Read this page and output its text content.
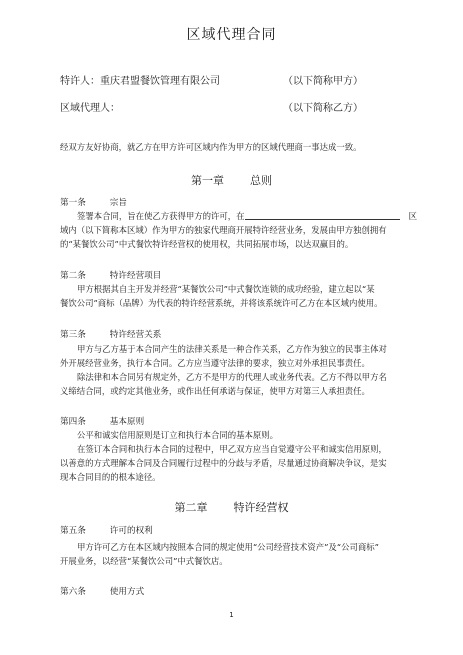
区域代理合同
特许人：重庆君盟餐饮管理有限公司	（以下简称甲方）
区域代理人：	（以下简称乙方）
经双方友好协商，就乙方在甲方许可区域内作为甲方的区域代理商一事达成一致。
第一章 总则
第一条	宗旨
签署本合同，旨在使乙方获得甲方的许可，在	区
域内（以下简称本区域）作为甲方的独家代理商开展特许经营业务，发展由甲方独创拥有
的“某餐饮公司”中式餐饮特许经营权的使用权，共同拓展市场，以达双赢目的。
第二条	特许经营项目
甲方根据其自主开发并经营“某餐饮公司”中式餐饮连锁的成功经验，建立起以“某
餐饮公司”商标（品牌）为代表的特许经营系统，并将该系统许可乙方在本区域内使用。
第三条	特许经营关系
甲方与乙方基于本合同产生的法律关系是一种合作关系，乙方作为独立的民事主体对
外开展经营业务，执行本合同。乙方应当遵守法律的要求，独立对外承担民事责任。
除法律和本合同另有规定外，乙方不是甲方的代理人或业务代表。乙方不得以甲方名
义缔结合同，或约定其他业务，或作出任何承诺与保证，使甲方对第三人承担责任。
第四条	基本原则
公平和诚实信用原则是订立和执行本合同的基本原则。
在签订本合同和执行本合同的过程中，甲乙双方应当自觉遵守公平和诚实信用原则，
以善意的方式理解本合同及合同履行过程中的分歧与矛盾，尽量通过协商解决争议，是实
现本合同目的的根本途径。
第二章 特许经营权
第五条	许可的权利
甲方许可乙方在本区域内按照本合同的规定使用“公司经营技术资产”及“公司商标”
开展业务，以经营“某餐饮公司”中式餐饮店。
第六条	使用方式
1
